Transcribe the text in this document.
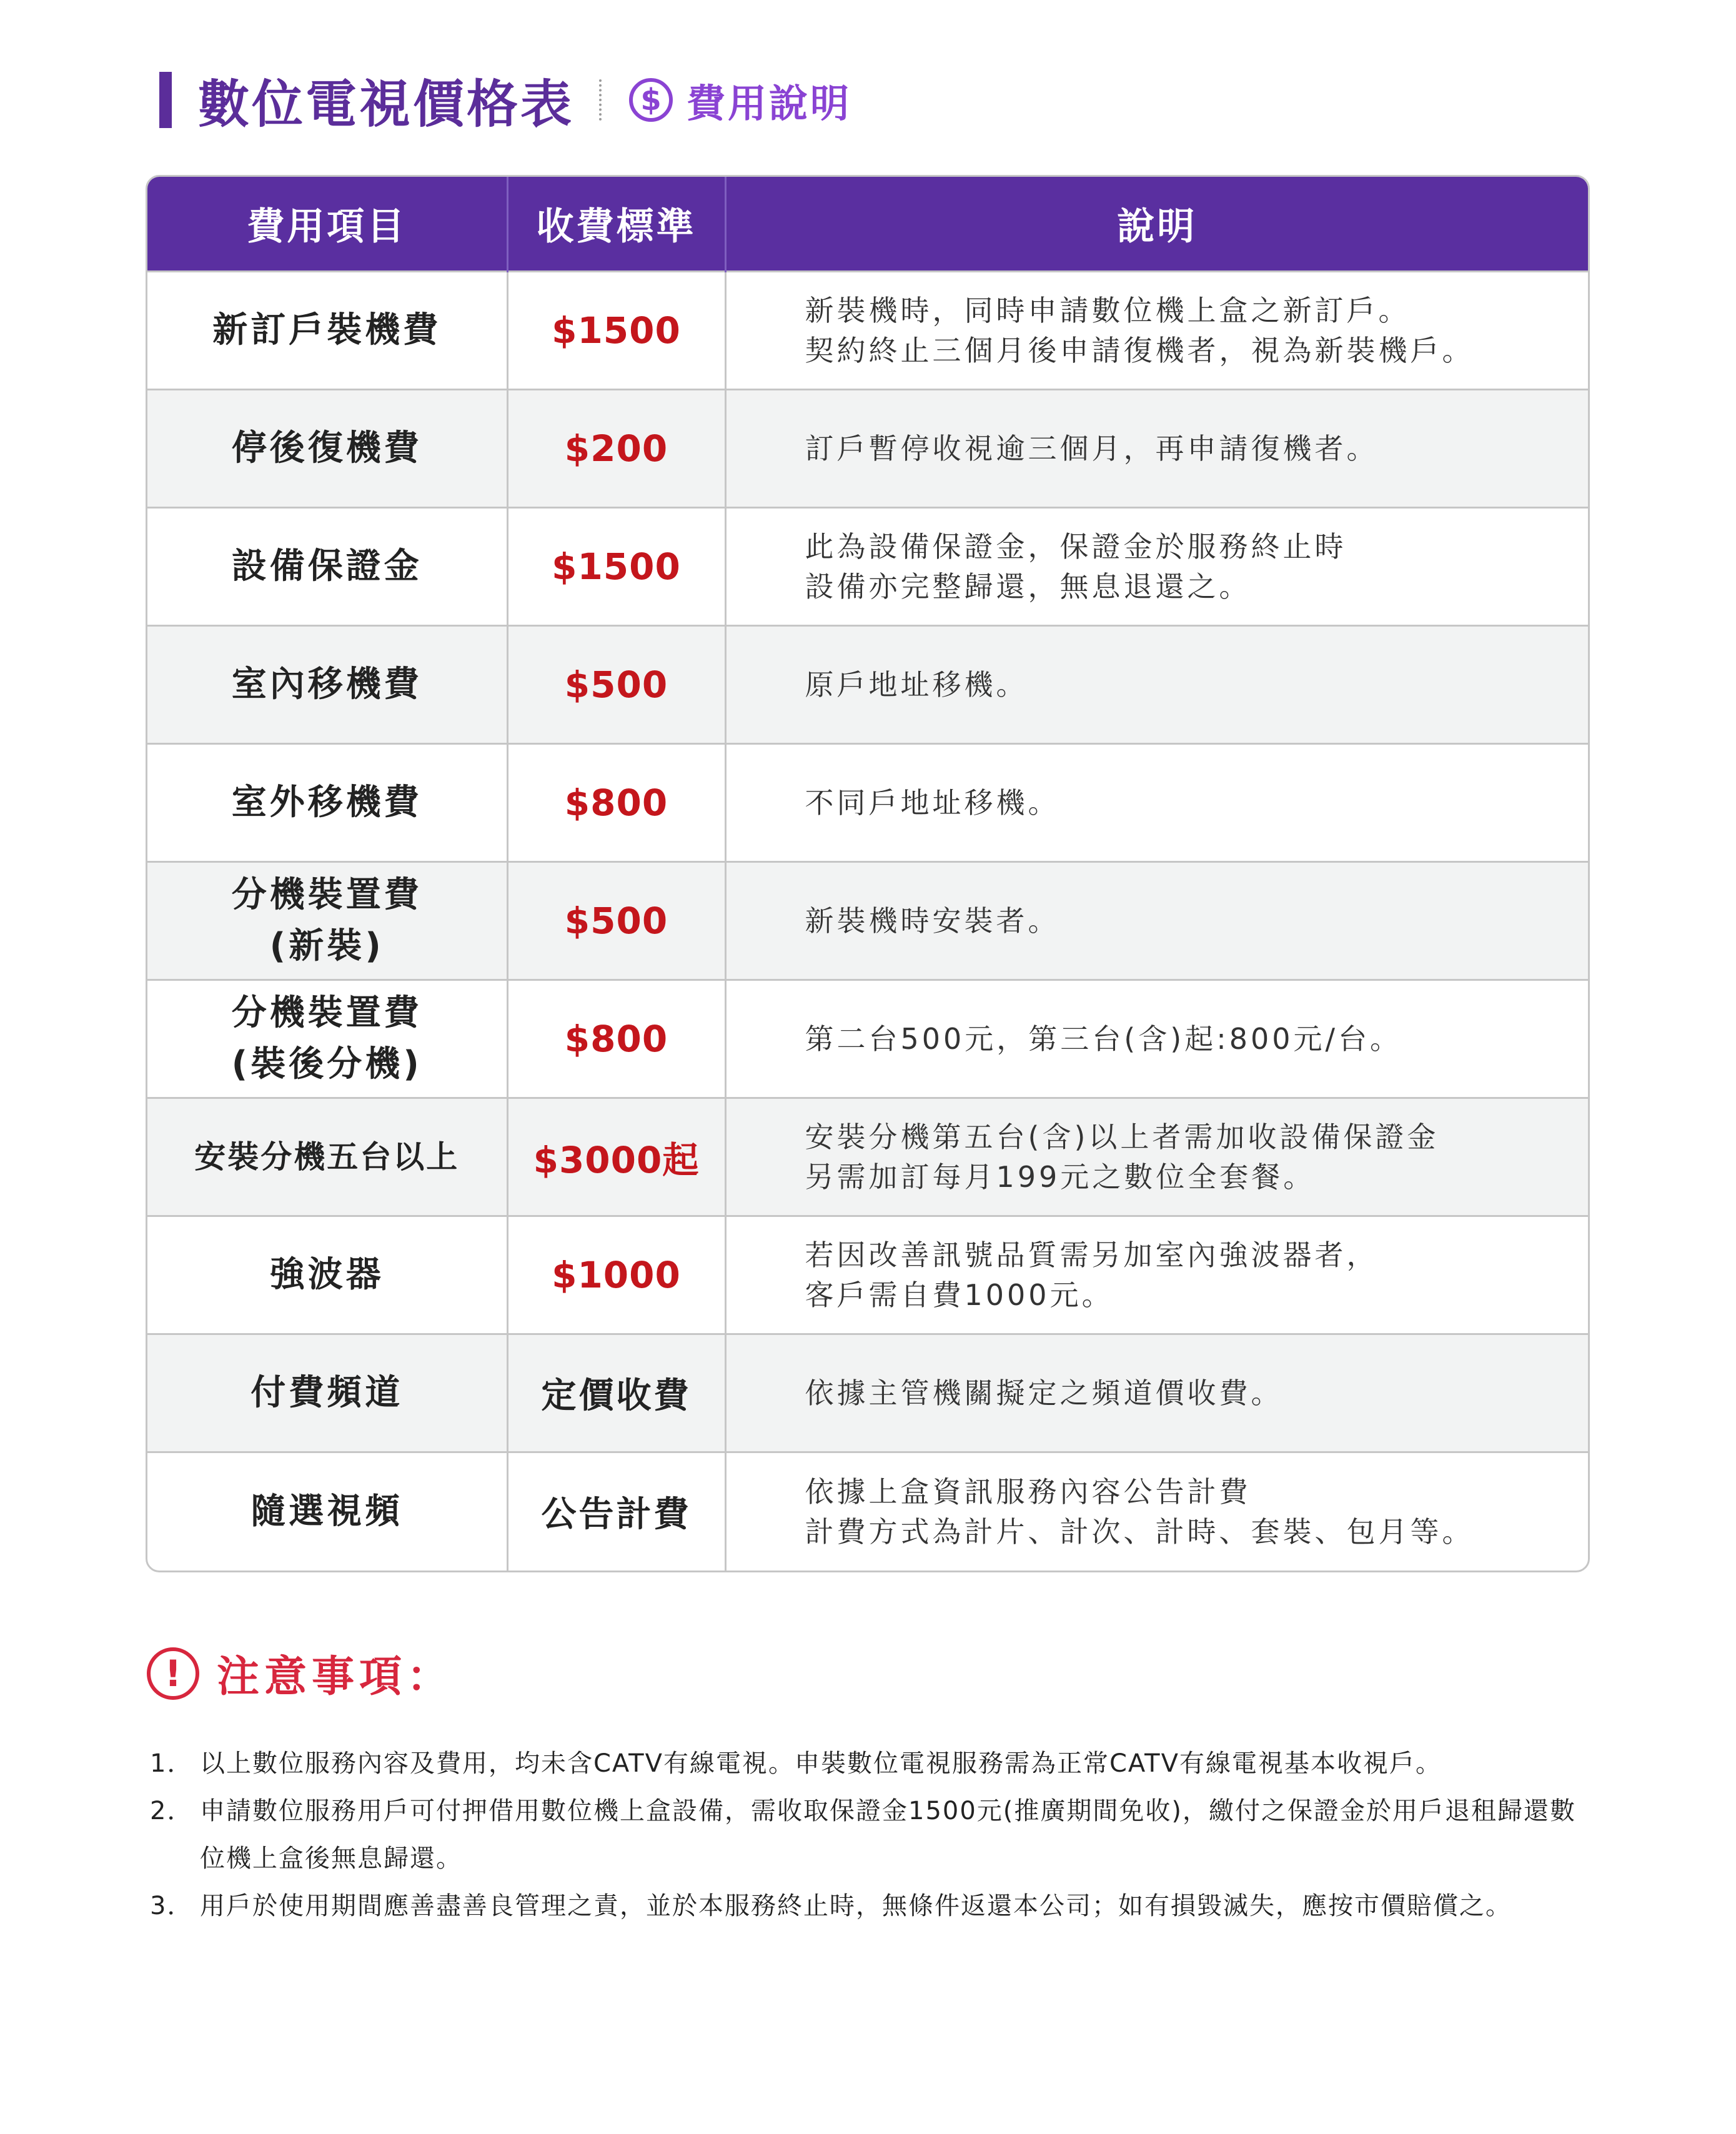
數位電視價格表	$ 費用說明
費用項目	收費標準	說明

新訂戶裝機費	$1500	新裝機時，同時申請數位機上盒之新訂戶。
契約終止三個月後申請復機者，視為新裝機戶。

停後復機費	$200	訂戶暫停收視逾三個月，再申請復機者。

設備保證金	$1500	此為設備保證金，保證金於服務終止時
設備亦完整歸還，無息退還之。

室內移機費	$500	原戶地址移機。

室外移機費	$800	不同戶地址移機。

分機裝置費
(新裝)	$500	新裝機時安裝者。

分機裝置費
(裝後分機)	$800	第二台500元，第三台(含)起:800元/台。

安裝分機五台以上	$3000起	安裝分機第五台(含)以上者需加收設備保證金
另需加訂每月199元之數位全套餐。

強波器	$1000	若因改善訊號品質需另加室內強波器者，
客戶需自費1000元。

付費頻道	定價收費	依據主管機關擬定之頻道價收費。

隨選視頻	公告計費	依據上盒資訊服務內容公告計費
計費方式為計片、計次、計時、套裝、包月等。
! 注意事項：
1． 以上數位服務內容及費用，均未含CATV有線電視。申裝數位電視服務需為正常CATV有線電視基本收視戶。
2． 申請數位服務用戶可付押借用數位機上盒設備，需收取保證金1500元(推廣期間免收)，繳付之保證金於用戶退租歸還數位機上盒後無息歸還。
3． 用戶於使用期間應善盡善良管理之責，並於本服務終止時，無條件返還本公司；如有損毀滅失，應按市價賠償之。
